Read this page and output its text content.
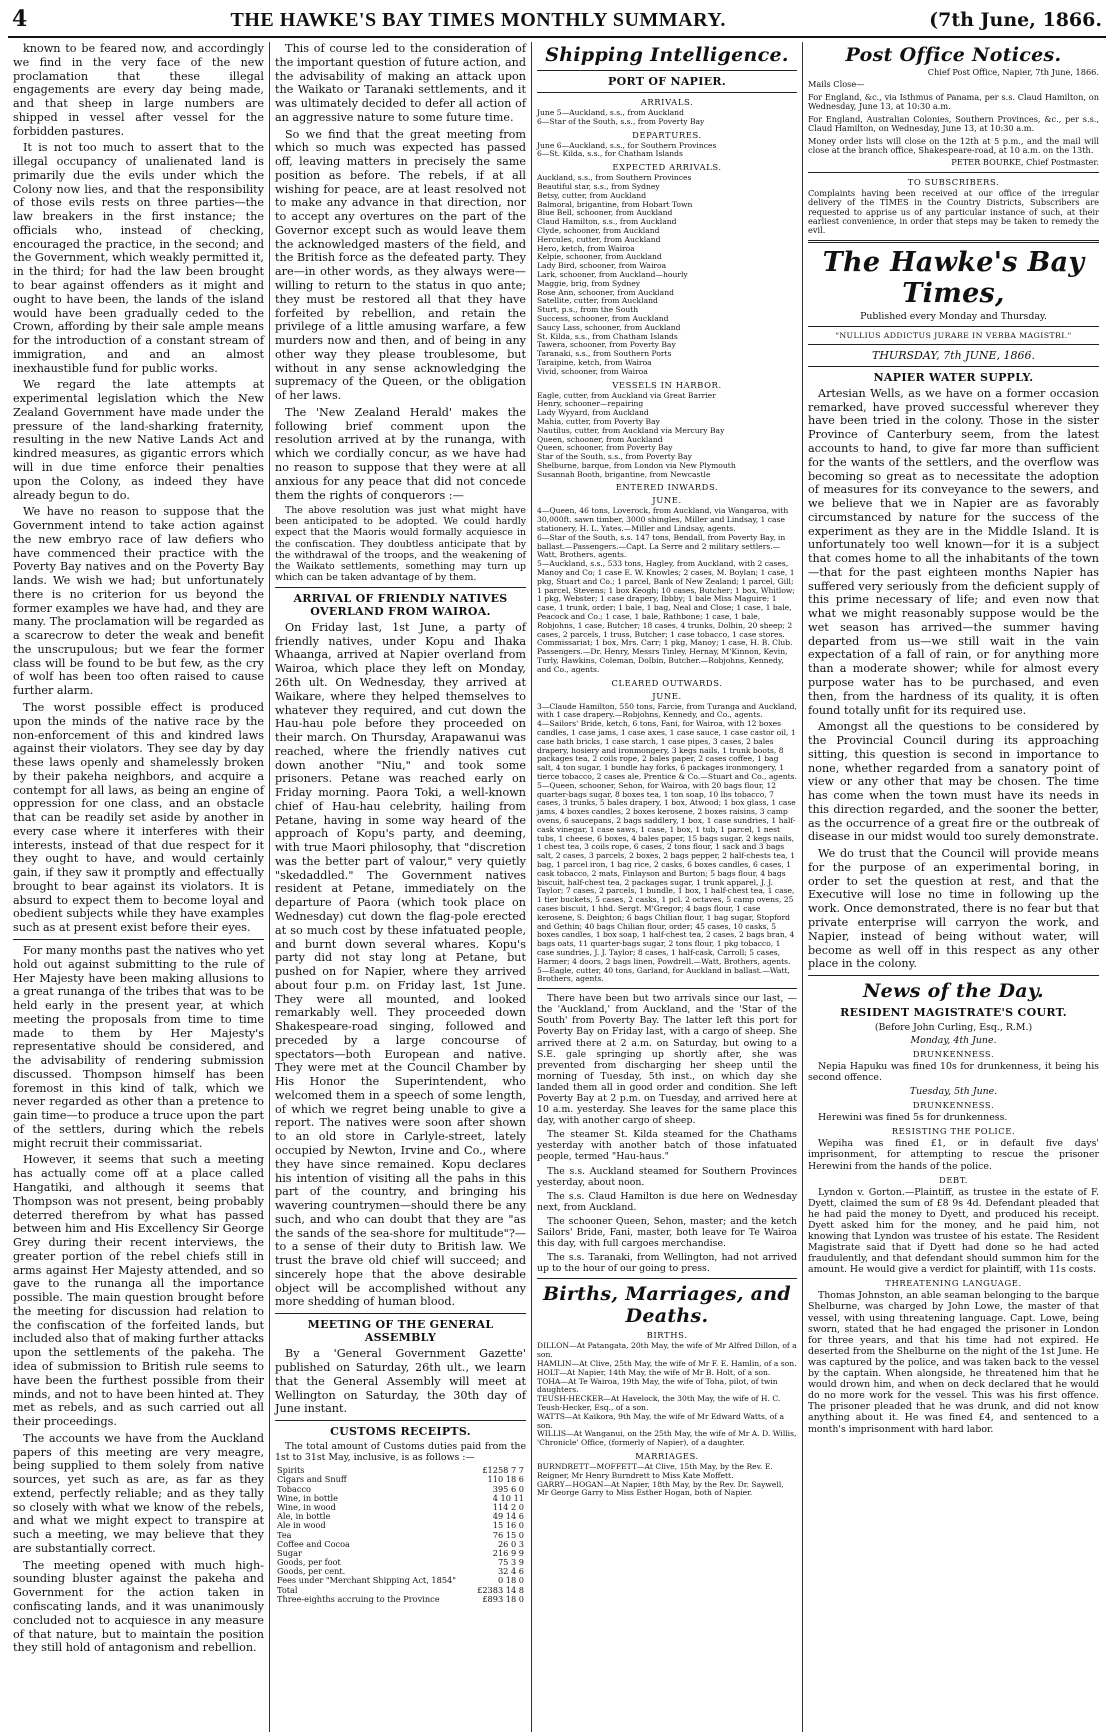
4	THE HAWKE'S BAY TIMES MONTHLY SUMMARY.	(7th June, 1866.

known to be feared now, and accordingly we find in the very face of the new proclamation that these illegal engagements are every day being made, and that sheep in large numbers are shipped in vessel after vessel for the forbidden pastures.

It is not too much to assert that to the illegal occupancy of unalienated land is primarily due the evils under which the Colony now lies, and that the responsibility of those evils rests on three parties—the law breakers in the first instance; the officials who, instead of checking, encouraged the practice, in the second; and the Government, which weakly permitted it, in the third; for had the law been brought to bear against offenders as it might and ought to have been, the lands of the island would have been gradually ceded to the Crown, affording by their sale ample means for the introduction of a constant stream of immigration, and and an almost inexhaustible fund for public works.

We regard the late attempts at experimental legislation which the New Zealand Government have made under the pressure of the land-sharking fraternity, resulting in the new Native Lands Act and kindred measures, as gigantic errors which will in due time enforce their penalties upon the Colony, as indeed they have already begun to do.

We have no reason to suppose that the Government intend to take action against the new embryo race of law defiers who have commenced their practice with the Poverty Bay natives and on the Poverty Bay lands. We wish we had; but unfortunately there is no criterion for us beyond the former examples we have had, and they are many. The proclamation will be regarded as a scarecrow to deter the weak and benefit the unscrupulous; but we fear the former class will be found to be but few, as the cry of wolf has been too often raised to cause further alarm.

The worst possible effect is produced upon the minds of the native race by the non-enforcement of this and kindred laws against their violators. They see day by day these laws openly and shamelessly broken by their pakeha neighbors, and acquire a contempt for all laws, as being an engine of oppression for one class, and an obstacle that can be readily set aside by another in every case where it interferes with their interests, instead of that due respect for it they ought to have, and would certainly gain, if they saw it promptly and effectually brought to bear against its violators. It is absurd to expect them to become loyal and obedient subjects while they have examples such as at present exist before their eyes.

For many months past the natives who yet hold out against submitting to the rule of Her Majesty have been making allusions to a great runanga of the tribes that was to be held early in the present year, at which meeting the proposals from time to time made to them by Her Majesty's representative should be considered, and the advisability of rendering submission discussed. Thompson himself has been foremost in this kind of talk, which we never regarded as other than a pretence to gain time—to produce a truce upon the part of the settlers, during which the rebels might recruit their commissariat.

However, it seems that such a meeting has actually come off at a place called Hangatiki, and although it seems that Thompson was not present, being probably deterred therefrom by what has passed between him and His Excellency Sir George Grey during their recent interviews, the greater portion of the rebel chiefs still in arms against Her Majesty attended, and so gave to the runanga all the importance possible. The main question brought before the meeting for discussion had relation to the confiscation of the forfeited lands, but included also that of making further attacks upon the settlements of the pakeha. The idea of submission to British rule seems to have been the furthest possible from their minds, and not to have been hinted at. They met as rebels, and as such carried out all their proceedings.

The accounts we have from the Auckland papers of this meeting are very meagre, being supplied to them solely from native sources, yet such as are, as far as they extend, perfectly reliable; and as they tally so closely with what we know of the rebels, and what we might expect to transpire at such a meeting, we may believe that they are substantially correct.

The meeting opened with much high-sounding bluster against the pakeha and Government for the action taken in confiscating lands, and it was unanimously concluded not to acquiesce in any measure of that nature, but to maintain the position they still hold of antagonism and rebellion.

This of course led to the consideration of the important question of future action, and the advisability of making an attack upon the Waikato or Taranaki settlements, and it was ultimately decided to defer all action of an aggressive nature to some future time.

So we find that the great meeting from which so much was expected has passed off, leaving matters in precisely the same position as before. The rebels, if at all wishing for peace, are at least resolved not to make any advance in that direction, nor to accept any overtures on the part of the Governor except such as would leave them the acknowledged masters of the field, and the British force as the defeated party. They are—in other words, as they always were—willing to return to the status in quo ante; they must be restored all that they have forfeited by rebellion, and retain the privilege of a little amusing warfare, a few murders now and then, and of being in any other way they please troublesome, but without in any sense acknowledging the supremacy of the Queen, or the obligation of her laws.

The 'New Zealand Herald' makes the following brief comment upon the resolution arrived at by the runanga, with which we cordially concur, as we have had no reason to suppose that they were at all anxious for any peace that did not concede them the rights of conquerors :—

The above resolution was just what might have been anticipated to be adopted. We could hardly expect that the Maoris would formally acquiesce in the confiscation. They doubtless anticipate that by the withdrawal of the troops, and the weakening of the Waikato settlements, something may turn up which can be taken advantage of by them.

ARRIVAL OF FRIENDLY NATIVES OVERLAND FROM WAIROA.

On Friday last, 1st June, a party of friendly natives, under Kopu and Ihaka Whaanga, arrived at Napier overland from Wairoa, which place they left on Monday, 26th ult. On Wednesday, they arrived at Waikare, where they helped themselves to whatever they required, and cut down the Hau-hau pole before they proceeded on their march. On Thursday, Arapawanui was reached, where the friendly natives cut down another "Niu," and took some prisoners. Petane was reached early on Friday morning. Paora Toki, a well-known chief of Hau-hau celebrity, hailing from Petane, having in some way heard of the approach of Kopu's party, and deeming, with true Maori philosophy, that "discretion was the better part of valour," very quietly "skedaddled." The Government natives resident at Petane, immediately on the departure of Paora (which took place on Wednesday) cut down the flag-pole erected at so much cost by these infatuated people, and burnt down several whares. Kopu's party did not stay long at Petane, but pushed on for Napier, where they arrived about four p.m. on Friday last, 1st June. They were all mounted, and looked remarkably well. They proceeded down Shakespeare-road singing, followed and preceded by a large concourse of spectators—both European and native. They were met at the Council Chamber by His Honor the Superintendent, who welcomed them in a speech of some length, of which we regret being unable to give a report. The natives were soon after shown to an old store in Carlyle-street, lately occupied by Newton, Irvine and Co., where they have since remained. Kopu declares his intention of visiting all the pahs in this part of the country, and bringing his wavering countrymen—should there be any such, and who can doubt that they are "as the sands of the sea-shore for multitude"?—to a sense of their duty to British law. We trust the brave old chief will succeed; and sincerely hope that the above desirable object will be accomplished without any more shedding of human blood.

MEETING OF THE GENERAL ASSEMBLY

By a 'General Government Gazette' published on Saturday, 26th ult., we learn that the General Assembly will meet at Wellington on Saturday, the 30th day of June instant.

CUSTOMS RECEIPTS.

The total amount of Customs duties paid from the 1st to 31st May, inclusive, is as follows :—

Spirits	£1258 7 7
Cigars and Snuff	110 18 6
Tobacco	395 6 0
Wine, in bottle	4 10 11
Wine, in wood	114 2 0
Ale, in bottle	49 14 6
Ale in wood	15 16 0
Tea	76 15 0
Coffee and Cocoa	26 0 3
Sugar	216 9 9
Goods, per foot	75 3 9
Goods, per cent.	32 4 6
Fees under "Merchant Shipping Act, 1854"	0 18 0
Total	£2383 14 8
Three-eighths accruing to the Province	£893 18 0
Shipping Intelligence.
PORT OF NAPIER.
ARRIVALS.

June 5—Auckland, s.s., from Auckland

6—Star of the South, s.s., from Poverty Bay

DEPARTURES.

June 6—Auckland, s.s., for Southern Provinces

6—St. Kilda, s.s., for Chatham Islands

EXPECTED ARRIVALS.

Auckland, s.s., from Southern Provinces

Beautiful star, s.s., from Sydney

Betsy, cutter, from Auckland

Balmoral, brigantine, from Hobart Town

Blue Bell, schooner, from Auckland

Claud Hamilton, s.s., from Auckland

Clyde, schooner, from Auckland

Hercules, cutter, from Auckland

Hero, ketch, from Wairoa

Kelpie, schooner, from Auckland

Lady Bird, schooner, from Wairoa

Lark, schooner, from Auckland—hourly

Maggie, brig, from Sydney

Rose Ann, schooner, from Auckland

Satellite, cutter, from Auckland

Sturt, p.s., from the South

Success, schooner, from Auckland

Saucy Lass, schooner, from Auckland

St. Kilda, s.s., from Chatham Islands

Tawera, schooner, from Poverty Bay

Taranaki, s.s., from Southern Ports

Taraipine, ketch, from Wairoa

Vivid, schooner, from Wairoa

VESSELS IN HARBOR.

Eagle, cutter, from Auckland via Great Barrier

Henry, schooner—repairing

Lady Wyyard, from Auckland

Mahia, cutter, from Poverty Bay

Nautilus, cutter, from Auckland via Mercury Bay

Queen, schooner, from Auckland

Queen, schooner, from Poverty Bay

Star of the South, s.s., from Poverty Bay

Shelburne, barque, from London via New Plymouth

Susannah Booth, brigantine, from Newcastle

ENTERED INWARDS.
JUNE.

4—Queen, 46 tons, Loverock, from Auckland, via Wangaroa, with 30,000ft. sawn timber, 3000 shingles, Miller and Lindsay, 1 case stationery, H. L. Yates.—Miller and Lindsay, agents.

6—Star of the South, s.s. 147 tons, Bendall, from Poverty Bay, in ballast.—Passengers.—Capt. La Serre and 2 military settlers.—Watt, Brothers, agents.

5—Auckland, s.s., 533 tons, Hagley, from Auckland, with 2 cases, Manoy and Co; 1 case E. W. Knowles; 2 cases, M. Boylan; 1 case, 1 pkg, Stuart and Co.; 1 parcel, Bank of New Zealand; 1 parcel, Gill; 1 parcel, Stevens; 1 box Keogh; 10 cases, Butcher; 1 box, Whitlow; 1 pkg, Webster; 1 case drapery, Ibbby; 1 bale Miss Maguire; 1 case, 1 trunk, order; 1 bale, 1 bag, Neal and Close; 1 case, 1 bale, Peacock and Co.; 1 case, 1 bale, Rathbone; 1 case, 1 bale, Robjohns, 1 case, Butcher; 18 cases, 4 trunks, Dolbin, 20 sheep; 2 cases, 2 parcels, 1 truss, Butcher; 1 case tobacco, 1 case stores. Commissariat; 1 box, Mrs. Carr; 1 pkg, Manoy; 1 case, H. B. Club. Passengers.—Dr. Henry, Messrs Tinley, Hernay, M'Kinnon, Kevin, Turly, Hawkins, Coleman, Dolbin, Butcher.—Robjohns, Kennedy, and Co., agents.

CLEARED OUTWARDS.
JUNE.

3—Claude Hamilton, 550 tons, Farcie, from Turanga and Auckland, with 1 case drapery.—Robjohns, Kennedy, and Co., agents.

4—Sailors' Bride, ketch, 6 tons, Fani, for Wairoa, with 12 boxes candles, 1 case jams, 1 case axes, 1 case sauce, 1 case castor oil, 1 case bath bricks, 1 case starch, 1 case pipes, 3 cases, 2 bales drapery, hosiery and ironmongery, 3 kegs nails, 1 trunk boots, 8 packages tea, 2 coils rope, 2 bales paper, 2 cases coffee, 1 bag salt, 4 ton sugar, 1 bundle hay forks, 6 packages ironmongery, 1 tierce tobacco, 2 cases ale, Prentice & Co.—Stuart and Co., agents.

5—Queen, schooner, Sehon, for Wairoa, with 20 bags flour, 12 quarter-bags sugar, 8 boxes tea, 1 ton soap, 10 lbs tobacco, 7 cases, 3 trunks, 5 bales drapery, 1 box, Atwood; 1 box glass, 1 case jams, 4 boxes candles, 2 boxes kerosene, 2 boxes raisins, 3 camp ovens, 6 saucepans, 2 bags saddlery, 1 box, 1 case sundries, 1 half-cask vinegar, 1 case saws, 1 case, 1 box, 1 tub, 1 parcel, 1 nest tubs, 1 cheese, 6 boxes, 4 bales paper, 15 bags sugar, 2 kegs nails, 1 chest tea, 3 coils rope, 6 cases, 2 tons flour, 1 sack and 3 bags salt, 2 cases, 3 parcels, 2 boxes, 2 bags pepper, 2 half-chests tea, 1 bag, 1 parcel iron, 1 bag rice, 2 casks, 6 boxes candles, 6 cases, 1 cask tobacco, 2 mats, Finlayson and Burton; 5 bags flour, 4 bags biscuit, half-chest tea, 2 packages sugar, 1 trunk apparel, J. J. Taylor; 7 cases, 2 parcels, 1 bundle, 1 box, 1 half-chest tea, 1 case, 1 tier buckets, 5 cases, 2 casks, 1 pcl. 2 octaves, 5 camp ovens, 25 cases biscuit, 1 hhd. Sergt. M'Gregor; 4 bags flour, 1 case kerosene, S. Deighton; 6 bags Chilian flour, 1 bag sugar, Stopford and Gethin; 40 bags Chilian flour, order; 45 cases, 10 casks, 5 boxes candles, 1 box soap, 1 half-chest tea, 2 cases, 2 bags bran, 4 bags oats, 11 quarter-bags sugar, 2 tons flour, 1 pkg tobacco, 1 case sundries, J. J. Taylor; 8 cases, 1 half-cask, Carroll; 5 cases, Harmer; 4 doors, 2 bags linen, Powdrell.—Watt, Brothers, agents.

5—Eagle, cutter, 40 tons, Garland, for Auckland in ballast.—Watt, Brothers, agents.

There have been but two arrivals since our last, —the 'Auckland,' from Auckland, and the 'Star of the South' from Poverty Bay. The latter left this port for Poverty Bay on Friday last, with a cargo of sheep. She arrived there at 2 a.m. on Saturday, but owing to a S.E. gale springing up shortly after, she was prevented from discharging her sheep until the morning of Tuesday, 5th inst., on which day she landed them all in good order and condition. She left Poverty Bay at 2 p.m. on Tuesday, and arrived here at 10 a.m. yesterday. She leaves for the same place this day, with another cargo of sheep.

The steamer St. Kilda steamed for the Chathams yesterday with another batch of those infatuated people, termed "Hau-haus."

The s.s. Auckland steamed for Southern Provinces yesterday, about noon.

The s.s. Claud Hamilton is due here on Wednesday next, from Auckland.

The schooner Queen, Sehon, master; and the ketch Sailors' Bride, Fani, master, both leave for Te Wairoa this day, with full cargoes merchandise.

The s.s. Taranaki, from Wellington, had not arrived up to the hour of our going to press.

Births, Marriages, and Deaths.
BIRTHS.

DILLON—At Patangata, 20th May, the wife of Mr Alfred Dillon, of a son.

HAMLIN—At Clive, 25th May, the wife of Mr F. E. Hamlin, of a son.

HOLT—At Napier, 14th May, the wife of Mr B. Holt, of a son.

TOHA—At Te Wairoa, 19th May, the wife of Toha, pilot, of twin daughters.

TEUSH-HECKER—At Havelock, the 30th May, the wife of H. C. Teush-Hecker, Esq., of a son.

WATTS—At Kaikora, 9th May, the wife of Mr Edward Watts, of a son.

WILLIS—At Wanganui, on the 25th May, the wife of Mr A. D. Willis, 'Chronicle' Office, (formerly of Napier), of a daughter.

MARRIAGES.

BURNDRETT—MOFFETT—At Clive, 15th May, by the Rev. E. Reigner, Mr Henry Burndrett to Miss Kate Moffett.

GARRY—HOGAN—At Napier, 18th May, by the Rev. Dr. Saywell, Mr George Garry to Miss Esther Hogan, both of Napier.

Post Office Notices.

Chief Post Office, Napier, 7th June, 1866.

Mails Close—

For England, &c., via Isthmus of Panama, per s.s. Claud Hamilton, on Wednesday, June 13, at 10:30 a.m.

For England, Australian Colonies, Southern Provinces, &c., per s.s., Claud Hamilton, on Wednesday, June 13, at 10:30 a.m.

Money order lists will close on the 12th at 5 p.m., and the mail will close at the branch office, Shakespeare-road, at 10 a.m. on the 13th.

PETER BOURKE, Chief Postmaster.

TO SUBSCRIBERS.

Complaints having been received at our office of the irregular delivery of the TIMES in the Country Districts, Subscribers are requested to apprise us of any particular instance of such, at their earliest convenience, in order that steps may be taken to remedy the evil.

The Hawke's Bay Times,
Published every Monday and Thursday.
"NULLIUS ADDICTUS JURARE IN VERBA MAGISTRI."
THURSDAY, 7th JUNE, 1866.
NAPIER WATER SUPPLY.

Artesian Wells, as we have on a former occasion remarked, have proved successful wherever they have been tried in the colony. Those in the sister Province of Canterbury seem, from the latest accounts to hand, to give far more than sufficient for the wants of the settlers, and the overflow was becoming so great as to necessitate the adoption of measures for its conveyance to the sewers, and we believe that we in Napier are as favorably circumstanced by nature for the success of the experiment as they are in the Middle Island. It is unfortunately too well known—for it is a subject that comes home to all the inhabitants of the town—that for the past eighteen months Napier has suffered very seriously from the deficient supply of this prime necessary of life; and even now that what we might reasonably suppose would be the wet season has arrived—the summer having departed from us—we still wait in the vain expectation of a fall of rain, or for anything more than a moderate shower; while for almost every purpose water has to be purchased, and even then, from the hardness of its quality, it is often found totally unfit for its required use.

Amongst all the questions to be considered by the Provincial Council during its approaching sitting, this question is second in importance to none, whether regarded from a sanatory point of view or any other that may be chosen. The time has come when the town must have its needs in this direction regarded, and the sooner the better, as the occurrence of a great fire or the outbreak of disease in our midst would too surely demonstrate.

We do trust that the Council will provide means for the purpose of an experimental boring, in order to set the question at rest, and that the Executive will lose no time in following up the work. Once demonstrated, there is no fear but that private enterprise will carryon the work, and Napier, instead of being without water, will become as well off in this respect as any other place in the colony.

News of the Day.
RESIDENT MAGISTRATE'S COURT.
(Before John Curling, Esq., R.M.)
Monday, 4th June.
DRUNKENNESS.

Nepia Hapuku was fined 10s for drunkenness, it being his second offence.

Tuesday, 5th June.
DRUNKENNESS.

Herewini was fined 5s for drunkenness.

RESISTING THE POLICE.

Wepiha was fined £1, or in default five days' imprisonment, for attempting to rescue the prisoner Herewini from the hands of the police.

DEBT.

Lyndon v. Gorton.—Plaintiff, as trustee in the estate of F. Dyett, claimed the sum of £8 9s 4d. Defendant pleaded that he had paid the money to Dyett, and produced his receipt. Dyett asked him for the money, and he paid him, not knowing that Lyndon was trustee of his estate. The Resident Magistrate said that if Dyett had done so he had acted fraudulently, and that defendant should summon him for the amount. He would give a verdict for plaintiff, with 11s costs.

THREATENING LANGUAGE.

Thomas Johnston, an able seaman belonging to the barque Shelburne, was charged by John Lowe, the master of that vessel, with using threatening language. Capt. Lowe, being sworn, stated that he had engaged the prisoner in London for three years, and that his time had not expired. He deserted from the Shelburne on the night of the 1st June. He was captured by the police, and was taken back to the vessel by the captain. When alongside, he threatened him that he would drown him, and when on deck declared that he would do no more work for the vessel. This was his first offence. The prisoner pleaded that he was drunk, and did not know anything about it. He was fined £4, and sentenced to a month's imprisonment with hard labor.
